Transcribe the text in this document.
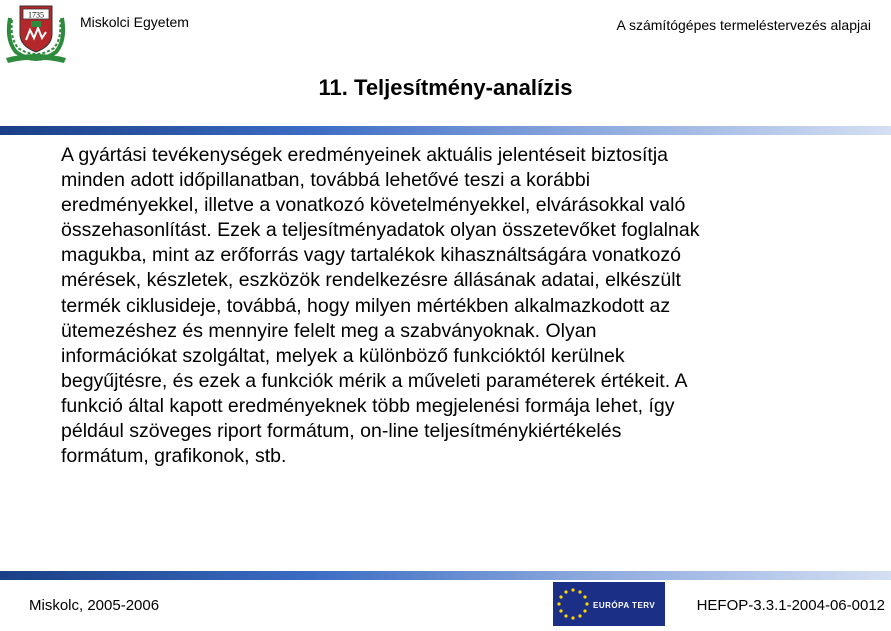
1735	Miskolci Egyetem	A számítógépes termeléstervezés alapjai
11. Teljesítmény-analízis
A gyártási tevékenységek eredményeinek aktuális jelentéseit biztosítja
minden adott időpillanatban, továbbá lehetővé teszi a korábbi
eredményekkel, illetve a vonatkozó követelményekkel, elvárásokkal való
összehasonlítást. Ezek a teljesítményadatok olyan összetevőket foglalnak
magukba, mint az erőforrás vagy tartalékok kihasználtságára vonatkozó
mérések, készletek, eszközök rendelkezésre állásának adatai, elkészült
termék ciklusideje, továbbá, hogy milyen mértékben alkalmazkodott az
ütemezéshez és mennyire felelt meg a szabványoknak. Olyan
információkat szolgáltat, melyek a különböző funkcióktól kerülnek
begyűjtésre, és ezek a funkciók mérik a műveleti paraméterek értékeit. A
funkció által kapott eredményeknek több megjelenési formája lehet, így
például szöveges riport formátum, on-line teljesítménykiértékelés
formátum, grafikonok, stb.
Miskolc, 2005-2006	EURÓPA TERV	HEFOP-3.3.1-2004-06-0012
